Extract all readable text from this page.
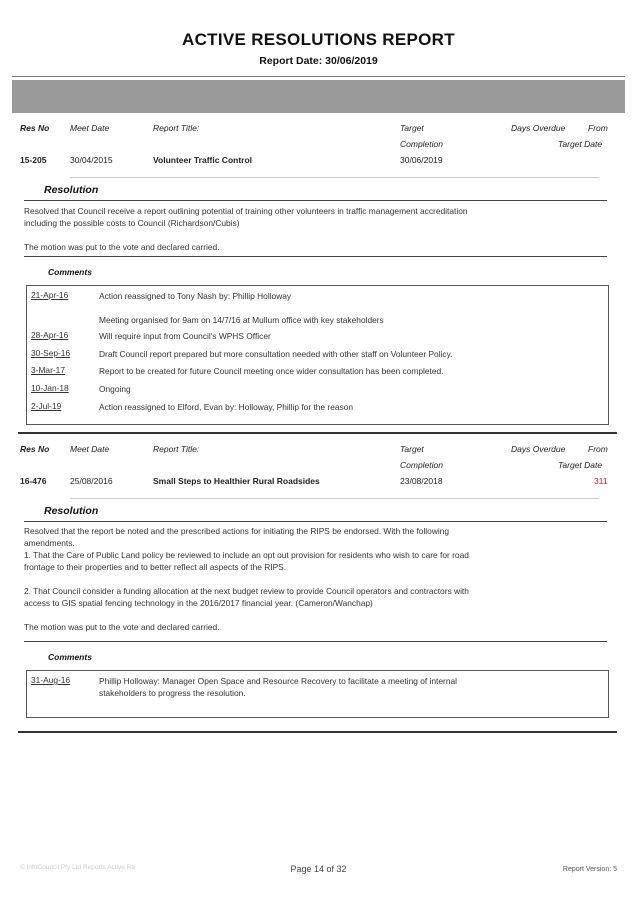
ACTIVE RESOLUTIONS REPORT
Report Date: 30/06/2019
Res No Meet Date	Report Title:	Target
Completion
Days Overdue	From
Target Date
15-205	30/04/2015	Volunteer Traffic Control	30/06/2019
Resolution
Resolved that Council receive a report outlining potential of training other volunteers in traffic management accreditation
including the possible costs to Council (Richardson/Cubis)

The motion was put to the vote and declared carried.
Comments
21-Apr-16	Action reassigned to Tony Nash by: Phillip Holloway

Meeting organised for 9am on 14/7/16 at Mullum office with key stakeholders
28-Apr-16	Will require input from Council's WPHS Officer
30-Sep-16	Draft Council report prepared but more consultation needed with other staff on Volunteer Policy.
3-Mar-17	Report to be created for future Council meeting once wider consultation has been completed.
10-Jan-18	Ongoing
2-Jul-19	Action reassigned to Elford, Evan by: Holloway, Phillip for the reason
Res No Meet Date	Report Title:	Target
Completion
Days Overdue	From
Target Date
16-476	25/08/2016	Small Steps to Healthier Rural Roadsides	23/08/2018	311
Resolution
Resolved that the report be noted and the prescribed actions for initiating the RIPS be endorsed. With the following
amendments.
1. That the Care of Public Land policy be reviewed to include an opt out provision for residents who wish to care for road
frontage to their properties and to better reflect all aspects of the RIPS.

2. That Council consider a funding allocation at the next budget review to provide Council operators and contractors with
access to GIS spatial fencing technology in the 2016/2017 financial year. (Cameron/Wanchap)

The motion was put to the vote and declared carried.
Comments
31-Aug-16	Phillip Holloway: Manager Open Space and Resource Recovery to facilitate a meeting of internal
stakeholders to progress the resolution.
© InfoCouncil Pty Ltd Reports Active Re	Page 14 of 32	Report Version: 5
